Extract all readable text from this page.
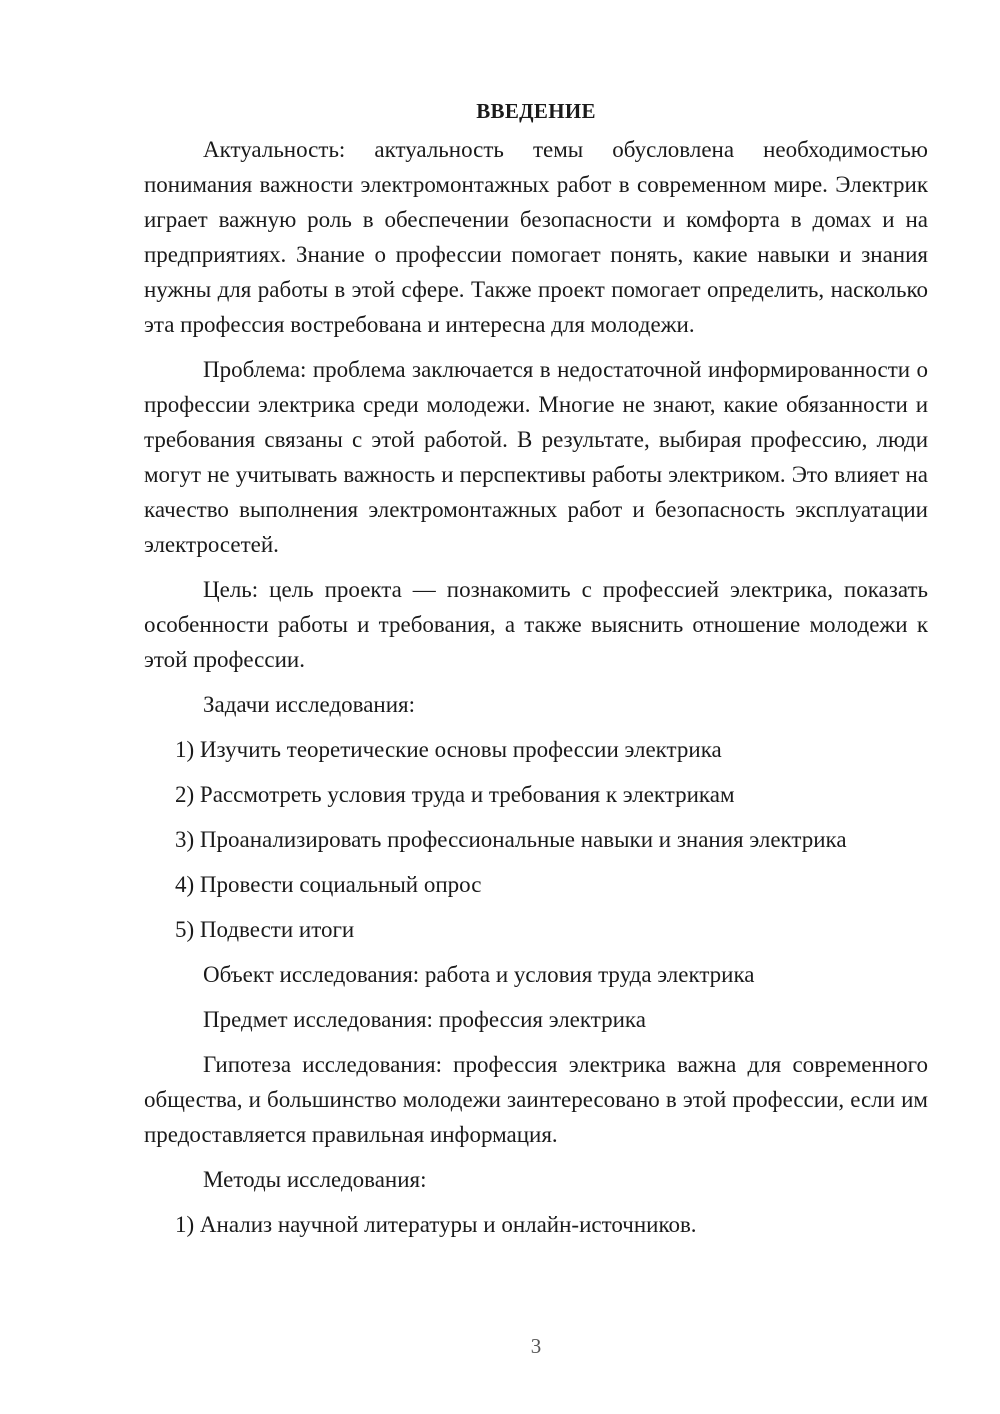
ВВЕДЕНИЕ

Актуальность: актуальность темы обусловлена необходимостью понимания важности электромонтажных работ в современном мире. Электрик играет важную роль в обеспечении безопасности и комфорта в домах и на предприятиях. Знание о профессии помогает понять, какие навыки и знания нужны для работы в этой сфере. Также проект помогает определить, насколько эта профессия востребована и интересна для молодежи.

Проблема: проблема заключается в недостаточной информированности о профессии электрика среди молодежи. Многие не знают, какие обязанности и требования связаны с этой работой. В результате, выбирая профессию, люди могут не учитывать важность и перспективы работы электриком. Это влияет на качество выполнения электромонтажных работ и безопасность эксплуатации электросетей.

Цель: цель проекта — познакомить с профессией электрика, показать особенности работы и требования, а также выяснить отношение молодежи к этой профессии.

Задачи исследования:

1) Изучить теоретические основы профессии электрика

2) Рассмотреть условия труда и требования к электрикам

3) Проанализировать профессиональные навыки и знания электрика

4) Провести социальный опрос

5) Подвести итоги

Объект исследования: работа и условия труда электрика

Предмет исследования: профессия электрика

Гипотеза исследования: профессия электрика важна для современного общества, и большинство молодежи заинтересовано в этой профессии, если им предоставляется правильная информация.

Методы исследования:

1) Анализ научной литературы и онлайн-источников.

3
